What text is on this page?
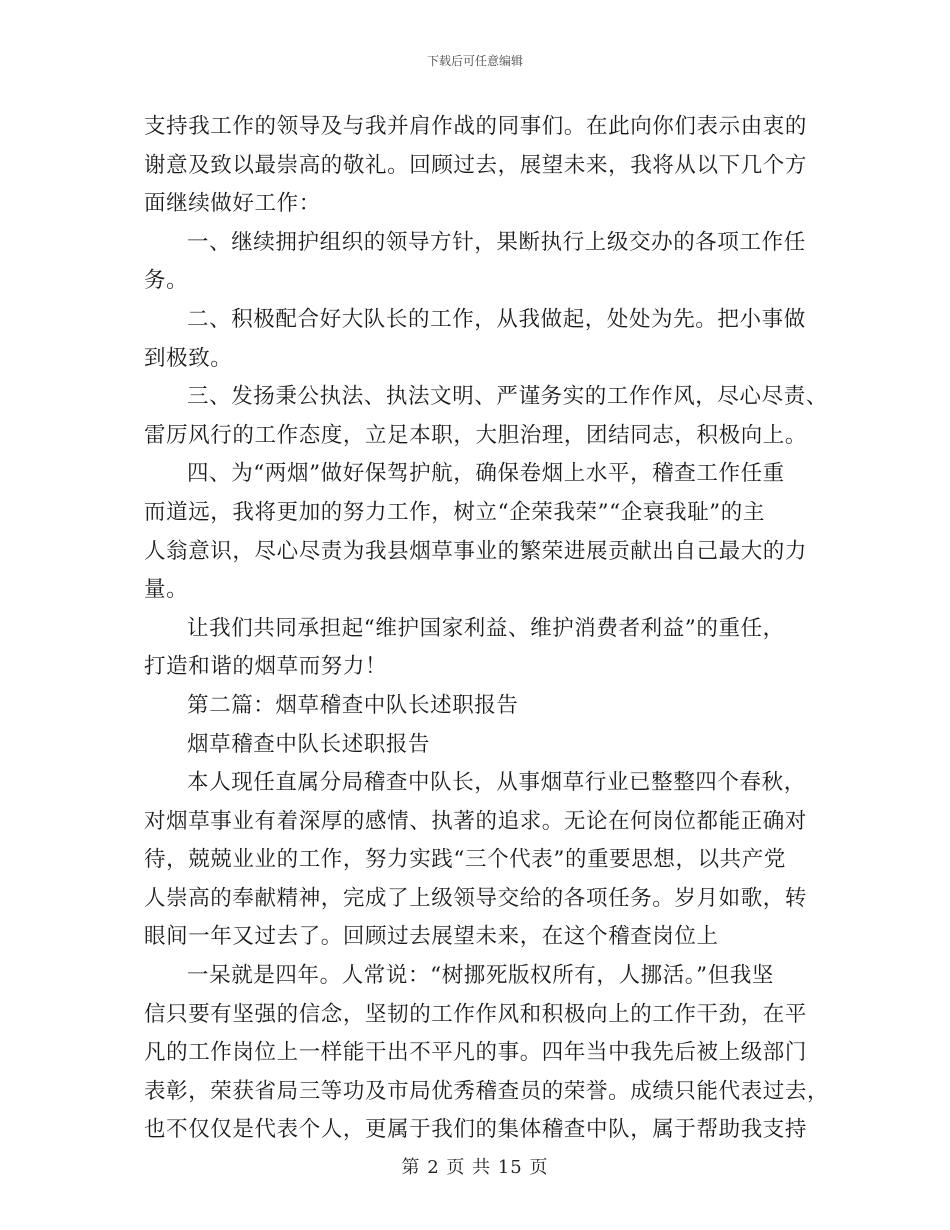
下载后可任意编辑
支持我工作的领导及与我并肩作战的同事们。在此向你们表示由衷的
谢意及致以最崇高的敬礼。回顾过去，展望未来，我将从以下几个方
面继续做好工作：
一、继续拥护组织的领导方针，果断执行上级交办的各项工作任
务。
二、积极配合好大队长的工作，从我做起，处处为先。把小事做
到极致。
三、发扬秉公执法、执法文明、严谨务实的工作作风，尽心尽责、
雷厉风行的工作态度，立足本职，大胆治理，团结同志，积极向上。
四、为“两烟”做好保驾护航，确保卷烟上水平，稽查工作任重
而道远，我将更加的努力工作，树立“企荣我荣”“企衰我耻”的主
人翁意识，尽心尽责为我县烟草事业的繁荣进展贡献出自己最大的力
量。
让我们共同承担起“维护国家利益、维护消费者利益”的重任，
打造和谐的烟草而努力！
第二篇：烟草稽查中队长述职报告
烟草稽查中队长述职报告
本人现任直属分局稽查中队长，从事烟草行业已整整四个春秋，
对烟草事业有着深厚的感情、执著的追求。无论在何岗位都能正确对
待，兢兢业业的工作，努力实践“三个代表”的重要思想，以共产党
人崇高的奉献精神，完成了上级领导交给的各项任务。岁月如歌，转
眼间一年又过去了。回顾过去展望未来，在这个稽查岗位上
一呆就是四年。人常说：“树挪死版权所有，人挪活。”但我坚
信只要有坚强的信念，坚韧的工作作风和积极向上的工作干劲，在平
凡的工作岗位上一样能干出不平凡的事。四年当中我先后被上级部门
表彰，荣获省局三等功及市局优秀稽查员的荣誉。成绩只能代表过去，
也不仅仅是代表个人，更属于我们的集体稽查中队，属于帮助我支持
第 2 页 共 15 页
